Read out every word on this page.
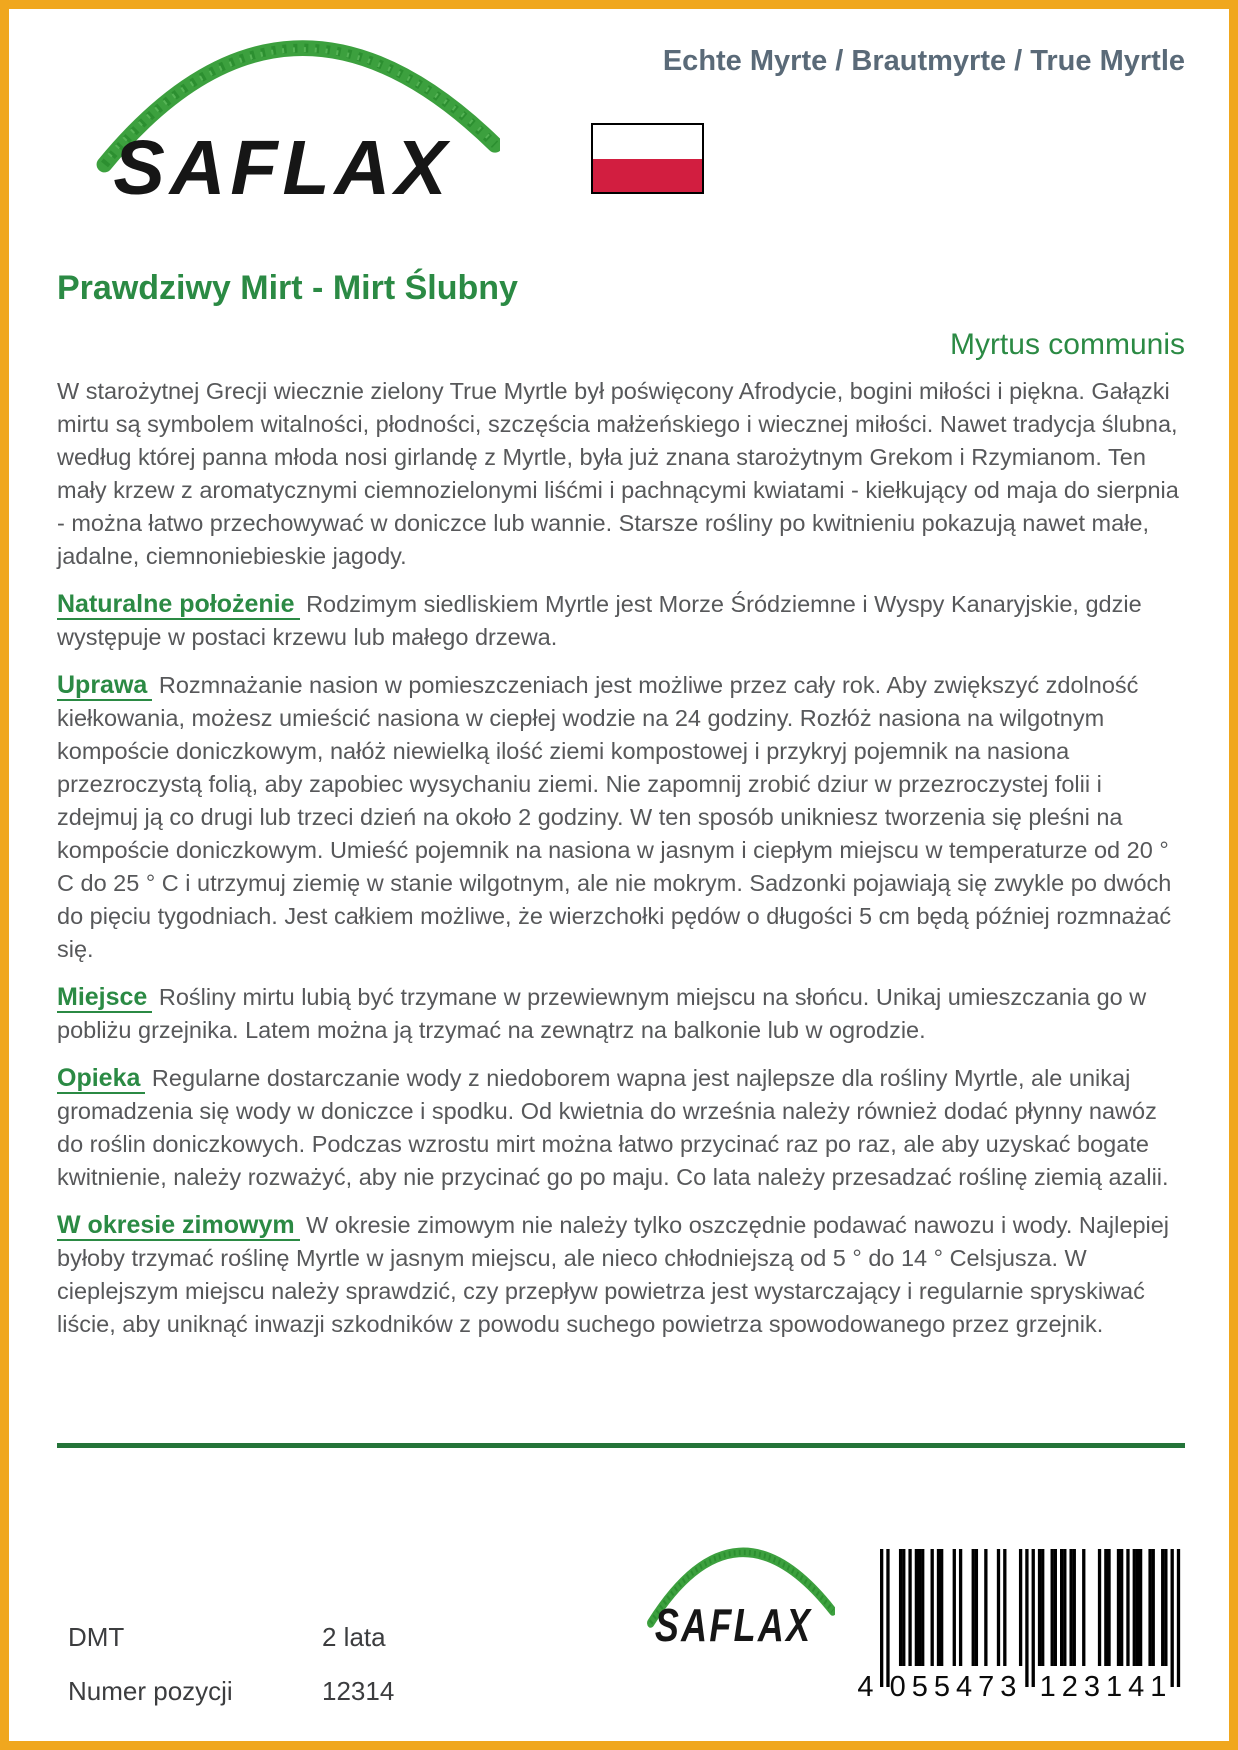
SAFLAX
Echte Myrte / Brautmyrte / True Myrtle
Prawdziwy Mirt - Mirt Ślubny
Myrtus communis

W starożytnej Grecji wiecznie zielony True Myrtle był poświęcony Afrodycie, bogini miłości i piękna. Gałązki mirtu są symbolem witalności, płodności, szczęścia małżeńskiego i wiecznej miłości. Nawet tradycja ślubna, według której panna młoda nosi girlandę z Myrtle, była już znana starożytnym Grekom i Rzymianom. Ten mały krzew z aromatycznymi ciemnozielonymi liśćmi i pachnącymi kwiatami - kiełkujący od maja do sierpnia - można łatwo przechowywać w doniczce lub wannie. Starsze rośliny po kwitnieniu pokazują nawet małe, jadalne, ciemnoniebieskie jagody.

Naturalne położenie Rodzimym siedliskiem Myrtle jest Morze Śródziemne i Wyspy Kanaryjskie, gdzie występuje w postaci krzewu lub małego drzewa.

Uprawa Rozmnażanie nasion w pomieszczeniach jest możliwe przez cały rok. Aby zwiększyć zdolność kiełkowania, możesz umieścić nasiona w ciepłej wodzie na 24 godziny. Rozłóż nasiona na wilgotnym kompoście doniczkowym, nałóż niewielką ilość ziemi kompostowej i przykryj pojemnik na nasiona przezroczystą folią, aby zapobiec wysychaniu ziemi. Nie zapomnij zrobić dziur w przezroczystej folii i zdejmuj ją co drugi lub trzeci dzień na około 2 godziny. W ten sposób unikniesz tworzenia się pleśni na kompoście doniczkowym. Umieść pojemnik na nasiona w jasnym i ciepłym miejscu w temperaturze od 20 ° C do 25 ° C i utrzymuj ziemię w stanie wilgotnym, ale nie mokrym. Sadzonki pojawiają się zwykle po dwóch do pięciu tygodniach. Jest całkiem możliwe, że wierzchołki pędów o długości 5 cm będą później rozmnażać się.

Miejsce Rośliny mirtu lubią być trzymane w przewiewnym miejscu na słońcu. Unikaj umieszczania go w pobliżu grzejnika. Latem można ją trzymać na zewnątrz na balkonie lub w ogrodzie.

Opieka Regularne dostarczanie wody z niedoborem wapna jest najlepsze dla rośliny Myrtle, ale unikaj gromadzenia się wody w doniczce i spodku. Od kwietnia do września należy również dodać płynny nawóz do roślin doniczkowych. Podczas wzrostu mirt można łatwo przycinać raz po raz, ale aby uzyskać bogate kwitnienie, należy rozważyć, aby nie przycinać go po maju. Co lata należy przesadzać roślinę ziemią azalii.

W okresie zimowym W okresie zimowym nie należy tylko oszczędnie podawać nawozu i wody. Najlepiej byłoby trzymać roślinę Myrtle w jasnym miejscu, ale nieco chłodniejszą od 5 ° do 14 ° Celsjusza. W cieplejszym miejscu należy sprawdzić, czy przepływ powietrza jest wystarczający i regularnie spryskiwać liście, aby uniknąć inwazji szkodników z powodu suchego powietrza spowodowanego przez grzejnik.

DMT	2 lata
Numer pozycji	12314
SAFLAX
4 055473 123141
